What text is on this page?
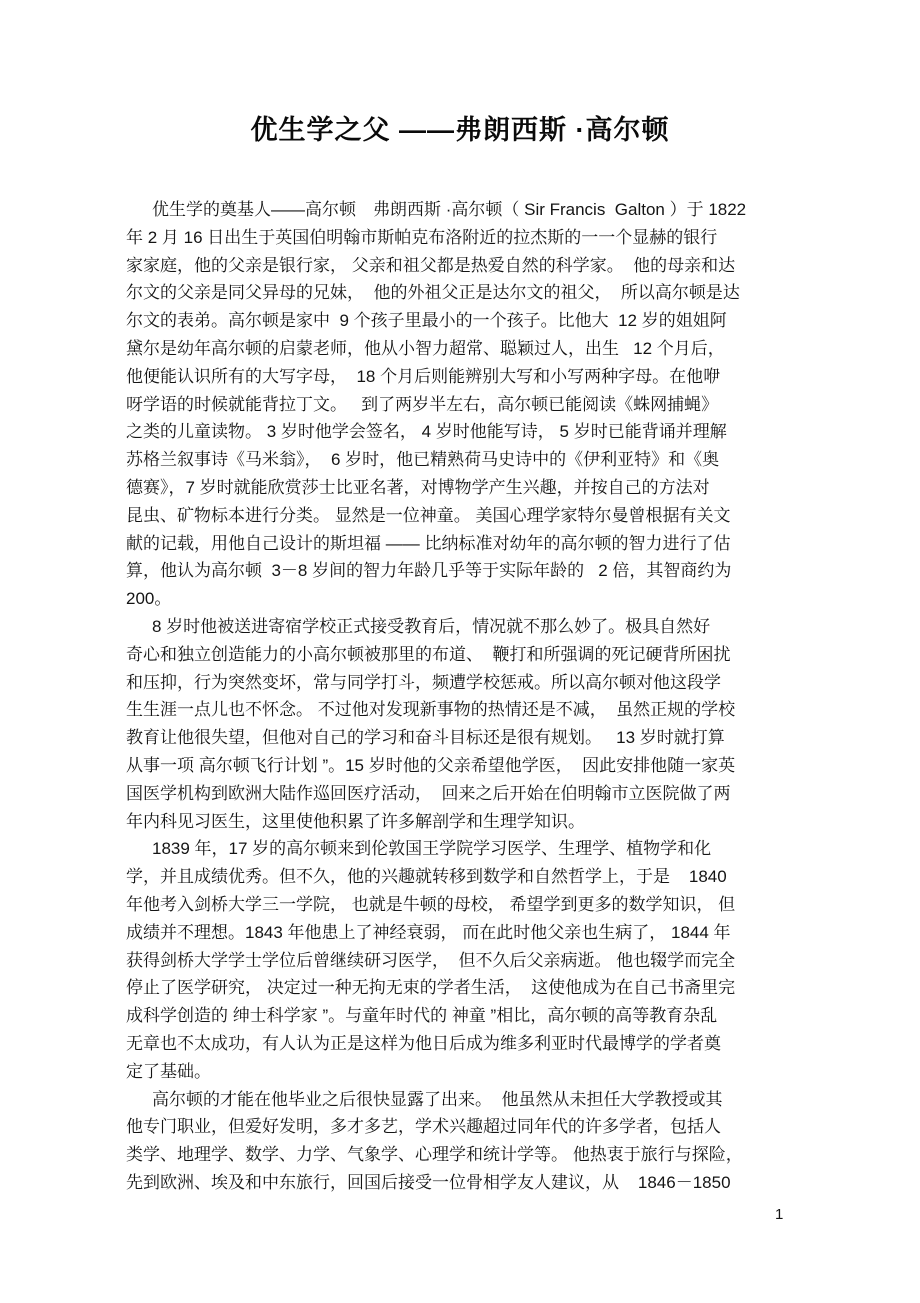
优生学之父 ——弗朗西斯 ·高尔顿
优生学的奠基人——高尔顿　弗朗西斯 ·高尔顿（ Sir Francis  Galton ）于 1822
年 2 月 16 日出生于英国伯明翰市斯帕克布洛附近的拉杰斯的一一个显赫的银行
家家庭，他的父亲是银行家， 父亲和祖父都是热爱自然的科学家。  他的母亲和达
尔文的父亲是同父异母的兄妹，  他的外祖父正是达尔文的祖父，  所以高尔顿是达
尔文的表弟。高尔顿是家中  9 个孩子里最小的一个孩子。比他大  12 岁的姐姐阿
黛尔是幼年高尔顿的启蒙老师，他从小智力超常、聪颖过人，出生   12 个月后，
他便能认识所有的大写字母，  18 个月后则能辨别大写和小写两种字母。在他咿
呀学语的时候就能背拉丁文。   到了两岁半左右，高尔顿已能阅读《蛛网捕蝇》
之类的儿童读物。 3 岁时他学会签名， 4 岁时他能写诗， 5 岁时已能背诵并理解
苏格兰叙事诗《马米翁》，  6 岁时，他已精熟荷马史诗中的《伊利亚特》和《奥
德赛》，7 岁时就能欣赏莎士比亚名著，对博物学产生兴趣，并按自己的方法对
昆虫、矿物标本进行分类。 显然是一位神童。 美国心理学家特尔曼曾根据有关文
献的记载，用他自己设计的斯坦福 —— 比纳标准对幼年的高尔顿的智力进行了估
算，他认为高尔顿  3－8 岁间的智力年龄几乎等于实际年龄的   2 倍，其智商约为
200。
8 岁时他被送进寄宿学校正式接受教育后，情况就不那么妙了。极具自然好
奇心和独立创造能力的小高尔顿被那里的布道、  鞭打和所强调的死记硬背所困扰
和压抑，行为突然变坏，常与同学打斗，频遭学校惩戒。所以高尔顿对他这段学
生生涯一点儿也不怀念。 不过他对发现新事物的热情还是不减，  虽然正规的学校
教育让他很失望，但他对自己的学习和奋斗目标还是很有规划。   13 岁时就打算
从事一项 高尔顿飞行计划 ”。15 岁时他的父亲希望他学医，  因此安排他随一家英
国医学机构到欧洲大陆作巡回医疗活动，  回来之后开始在伯明翰市立医院做了两
年内科见习医生，这里使他积累了许多解剖学和生理学知识。
1839 年，17 岁的高尔顿来到伦敦国王学院学习医学、生理学、植物学和化
学，并且成绩优秀。但不久，他的兴趣就转移到数学和自然哲学上，于是    1840
年他考入剑桥大学三一学院， 也就是牛顿的母校， 希望学到更多的数学知识， 但
成绩并不理想。1843 年他患上了神经衰弱， 而在此时他父亲也生病了， 1844 年
获得剑桥大学学士学位后曾继续研习医学，  但不久后父亲病逝。 他也辍学而完全
停止了医学研究， 决定过一种无拘无束的学者生活，  这使他成为在自己书斋里完
成科学创造的 绅士科学家 ”。与童年时代的 神童 ”相比，高尔顿的高等教育杂乱
无章也不太成功，有人认为正是这样为他日后成为维多利亚时代最博学的学者奠
定了基础。
高尔顿的才能在他毕业之后很快显露了出来。  他虽然从未担任大学教授或其
他专门职业，但爱好发明，多才多艺，学术兴趣超过同年代的许多学者，包括人
类学、地理学、数学、力学、气象学、心理学和统计学等。 他热衷于旅行与探险，
先到欧洲、埃及和中东旅行，回国后接受一位骨相学友人建议，从    1846－1850
1
